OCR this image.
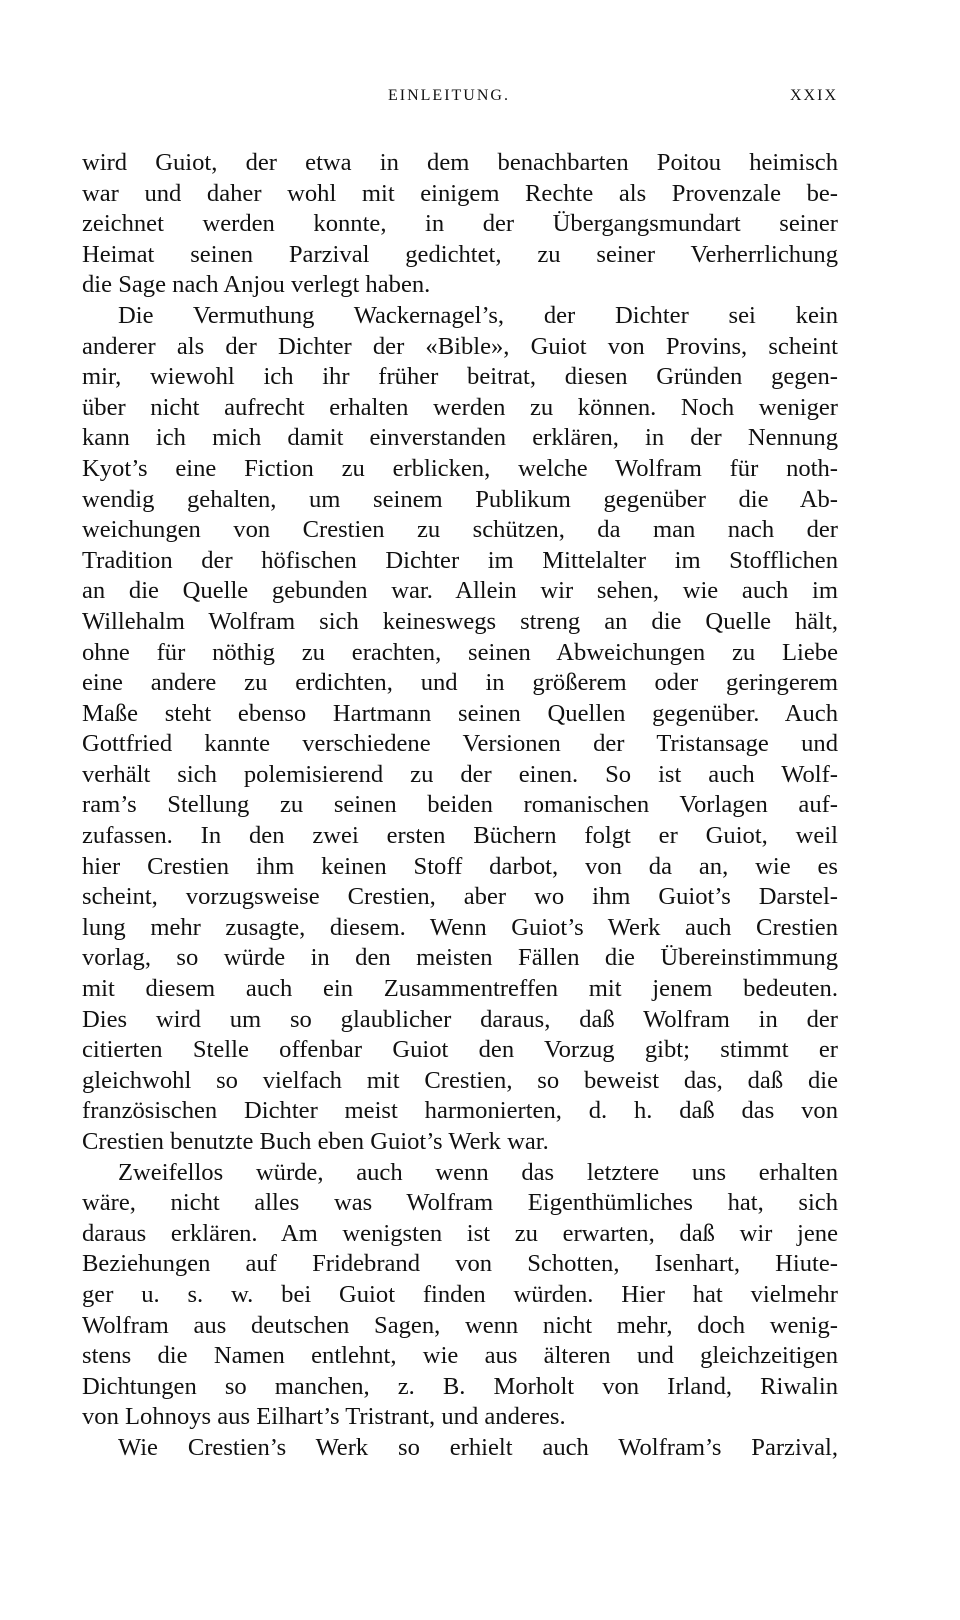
EINLEITUNG.	XXIX
wird Guiot, der etwa in dem benachbarten Poitou heimisch
war und daher wohl mit einigem Rechte als Provenzale be-
zeichnet werden konnte, in der Übergangsmundart seiner
Heimat seinen Parzival gedichtet, zu seiner Verherrlichung
die Sage nach Anjou verlegt haben.
Die Vermuthung Wackernagel’s, der Dichter sei kein
anderer als der Dichter der «Bible», Guiot von Provins, scheint
mir, wiewohl ich ihr früher beitrat, diesen Gründen gegen-
über nicht aufrecht erhalten werden zu können. Noch weniger
kann ich mich damit einverstanden erklären, in der Nennung
Kyot’s eine Fiction zu erblicken, welche Wolfram für noth-
wendig gehalten, um seinem Publikum gegenüber die Ab-
weichungen von Crestien zu schützen, da man nach der
Tradition der höfischen Dichter im Mittelalter im Stofflichen
an die Quelle gebunden war. Allein wir sehen, wie auch im
Willehalm Wolfram sich keineswegs streng an die Quelle hält,
ohne für nöthig zu erachten, seinen Abweichungen zu Liebe
eine andere zu erdichten, und in größerem oder geringerem
Maße steht ebenso Hartmann seinen Quellen gegenüber. Auch
Gottfried kannte verschiedene Versionen der Tristansage und
verhält sich polemisierend zu der einen. So ist auch Wolf-
ram’s Stellung zu seinen beiden romanischen Vorlagen auf-
zufassen. In den zwei ersten Büchern folgt er Guiot, weil
hier Crestien ihm keinen Stoff darbot, von da an, wie es
scheint, vorzugsweise Crestien, aber wo ihm Guiot’s Darstel-
lung mehr zusagte, diesem. Wenn Guiot’s Werk auch Crestien
vorlag, so würde in den meisten Fällen die Übereinstimmung
mit diesem auch ein Zusammentreffen mit jenem bedeuten.
Dies wird um so glaublicher daraus, daß Wolfram in der
citierten Stelle offenbar Guiot den Vorzug gibt; stimmt er
gleichwohl so vielfach mit Crestien, so beweist das, daß die
französischen Dichter meist harmonierten, d. h. daß das von
Crestien benutzte Buch eben Guiot’s Werk war.
Zweifellos würde, auch wenn das letztere uns erhalten
wäre, nicht alles was Wolfram Eigenthümliches hat, sich
daraus erklären. Am wenigsten ist zu erwarten, daß wir jene
Beziehungen auf Fridebrand von Schotten, Isenhart, Hiute-
ger u. s. w. bei Guiot finden würden. Hier hat vielmehr
Wolfram aus deutschen Sagen, wenn nicht mehr, doch wenig-
stens die Namen entlehnt, wie aus älteren und gleichzeitigen
Dichtungen so manchen, z. B. Morholt von Irland, Riwalin
von Lohnoys aus Eilhart’s Tristrant, und anderes.
Wie Crestien’s Werk so erhielt auch Wolfram’s Parzival,
